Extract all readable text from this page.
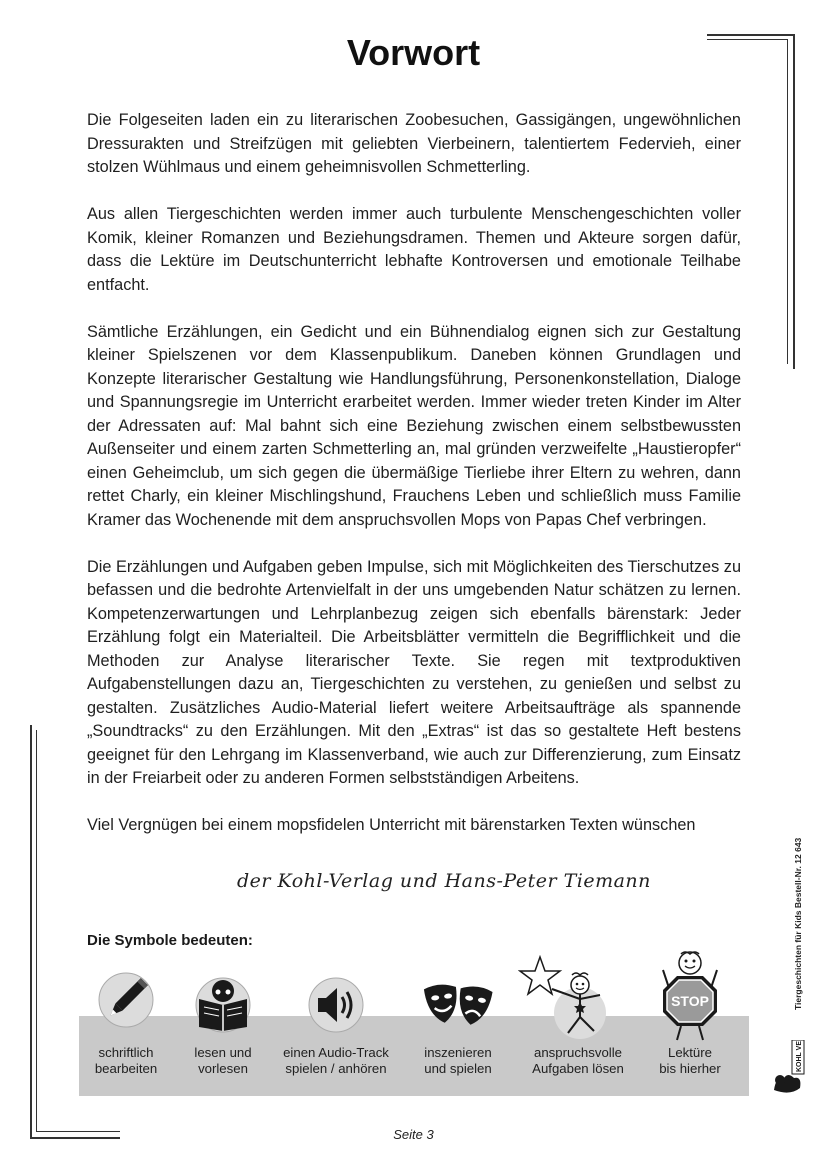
Vorwort

Die Folgeseiten laden ein zu literarischen Zoobesuchen, Gassigängen, ungewöhnlichen Dressurakten und Streifzügen mit geliebten Vierbeinern, talentiertem Federvieh, einer stolzen Wühlmaus und einem geheimnisvollen Schmetterling.

Aus allen Tiergeschichten werden immer auch turbulente Menschengeschichten voller Komik, kleiner Romanzen und Beziehungsdramen. Themen und Akteure sorgen dafür, dass die Lektüre im Deutschunterricht lebhafte Kontroversen und emotionale Teilhabe entfacht.

Sämtliche Erzählungen, ein Gedicht und ein Bühnendialog eignen sich zur Gestaltung kleiner Spielszenen vor dem Klassenpublikum. Daneben können Grundlagen und Konzepte literarischer Gestaltung wie Handlungsführung, Personenkonstellation, Dialoge und Spannungsregie im Unterricht erarbeitet werden. Immer wieder treten Kinder im Alter der Adressaten auf: Mal bahnt sich eine Beziehung zwischen einem selbstbewussten Außenseiter und einem zarten Schmetterling an, mal gründen verzweifelte „Haustieropfer“ einen Geheimclub, um sich gegen die übermäßige Tierliebe ihrer Eltern zu wehren, dann rettet Charly, ein kleiner Mischlingshund, Frauchens Leben und schließlich muss Familie Kramer das Wochenende mit dem anspruchsvollen Mops von Papas Chef verbringen.

Die Erzählungen und Aufgaben geben Impulse, sich mit Möglichkeiten des Tierschutzes zu befassen und die bedrohte Artenvielfalt in der uns umgebenden Natur schätzen zu lernen. Kompetenzerwartungen und Lehrplanbezug zeigen sich ebenfalls bärenstark: Jeder Erzählung folgt ein Materialteil. Die Arbeitsblätter vermitteln die Begrifflichkeit und die Methoden zur Analyse literarischer Texte. Sie regen mit textproduktiven Aufgabenstellungen dazu an, Tiergeschichten zu verstehen, zu genießen und selbst zu gestalten. Zusätzliches Audio-Material liefert weitere Arbeitsaufträge als spannende „Soundtracks“ zu den Erzählungen. Mit den „Extras“ ist das so gestaltete Heft bestens geeignet für den Lehrgang im Klassenverband, wie auch zur Differenzierung, zum Einsatz in der Freiarbeit oder zu anderen Formen selbstständigen Arbeitens.

Viel Vergnügen bei einem mopsfidelen Unterricht mit bärenstarken Texten wünschen

der Kohl-Verlag und Hans-Peter Tiemann
Die Symbole bedeuten:
schriftlich
bearbeiten
lesen und
vorlesen
einen Audio-Track
spielen / anhören
inszenieren
und spielen
anspruchsvolle
Aufgaben lösen
STOP
Lektüre
bis hierher
Tiergeschichten für Kids Bestell-Nr. 12 643
KOHL VERLAG
Seite 3
